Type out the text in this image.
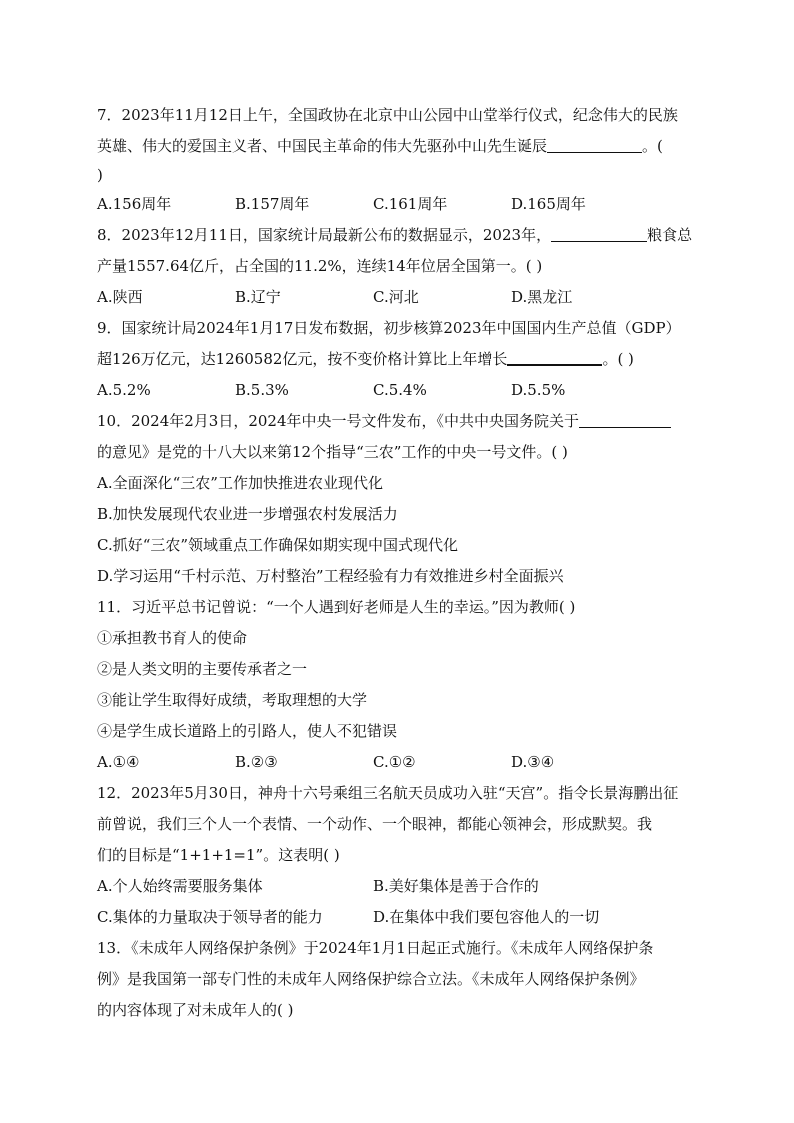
7．2023年11月12日上午，全国政协在北京中山公园中山堂举行仪式，纪念伟大的民族
英雄、伟大的爱国主义者、中国民主革命的伟大先驱孙中山先生诞辰	。(
)
A.156周年	B.157周年	C.161周年	D.165周年
8．2023年12月11日，国家统计局最新公布的数据显示，2023年，	粮食总
产量1557.64亿斤，占全国的11.2%，连续14年位居全国第一。( )
A.陕西	B.辽宁	C.河北	D.黑龙江
9．国家统计局2024年1月17日发布数据，初步核算2023年中国国内生产总值（GDP）
超126万亿元，达1260582亿元，按不变价格计算比上年增长	。( )
A.5.2%	B.5.3%	C.5.4%	D.5.5%
10．2024年2月3日，2024年中央一号文件发布，《中共中央国务院关于
的意见》是党的十八大以来第12个指导“三农”工作的中央一号文件。( )
A.全面深化“三农”工作加快推进农业现代化
B.加快发展现代农业进一步增强农村发展活力
C.抓好“三农”领域重点工作确保如期实现中国式现代化
D.学习运用“千村示范、万村整治”工程经验有力有效推进乡村全面振兴
11．习近平总书记曾说：“一个人遇到好老师是人生的幸运。”因为教师( )
①承担教书育人的使命
②是人类文明的主要传承者之一
③能让学生取得好成绩，考取理想的大学
④是学生成长道路上的引路人，使人不犯错误
A.①④	B.②③	C.①②	D.③④
12．2023年5月30日，神舟十六号乘组三名航天员成功入驻“天宫”。指令长景海鹏出征
前曾说，我们三个人一个表情、一个动作、一个眼神，都能心领神会，形成默契。我
们的目标是“1+1+1=1”。这表明( )
A.个人始终需要服务集体	B.美好集体是善于合作的
C.集体的力量取决于领导者的能力	D.在集体中我们要包容他人的一切
13．《未成年人网络保护条例》于2024年1月1日起正式施行。《未成年人网络保护条
例》是我国第一部专门性的未成年人网络保护综合立法。《未成年人网络保护条例》
的内容体现了对未成年人的( )
